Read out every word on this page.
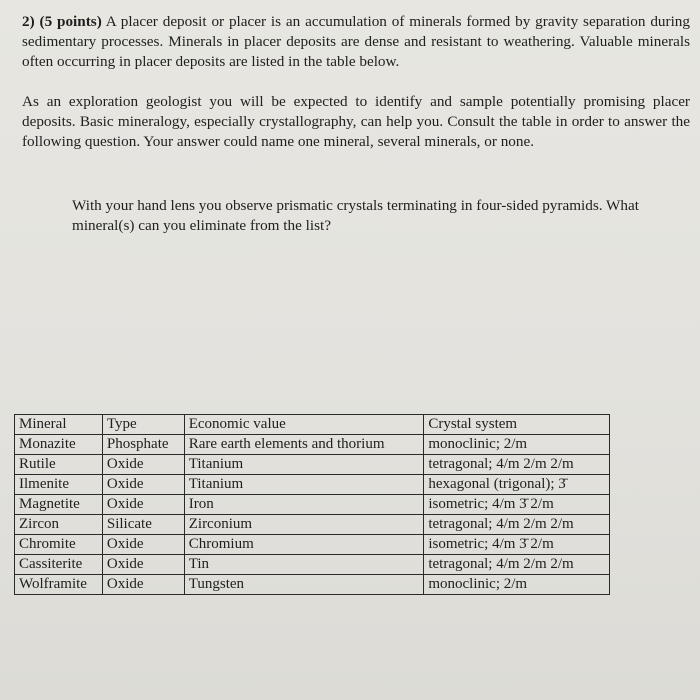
2) (5 points) A placer deposit or placer is an accumulation of minerals formed by gravity separation during sedimentary processes. Minerals in placer deposits are dense and resistant to weathering. Valuable minerals often occurring in placer deposits are listed in the table below.
As an exploration geologist you will be expected to identify and sample potentially promising placer deposits. Basic mineralogy, especially crystallography, can help you. Consult the table in order to answer the following question. Your answer could name one mineral, several minerals, or none.
With your hand lens you observe prismatic crystals terminating in four-sided pyramids. What mineral(s) can you eliminate from the list?
Mineral	Type	Economic value	Crystal system
Monazite	Phosphate	Rare earth elements and thorium	monoclinic; 2/m
Rutile	Oxide	Titanium	tetragonal; 4/m 2/m 2/m
Ilmenite	Oxide	Titanium	hexagonal (trigonal); 3̄
Magnetite	Oxide	Iron	isometric; 4/m 3̄ 2/m
Zircon	Silicate	Zirconium	tetragonal; 4/m 2/m 2/m
Chromite	Oxide	Chromium	isometric; 4/m 3̄ 2/m
Cassiterite	Oxide	Tin	tetragonal; 4/m 2/m 2/m
Wolframite	Oxide	Tungsten	monoclinic; 2/m
